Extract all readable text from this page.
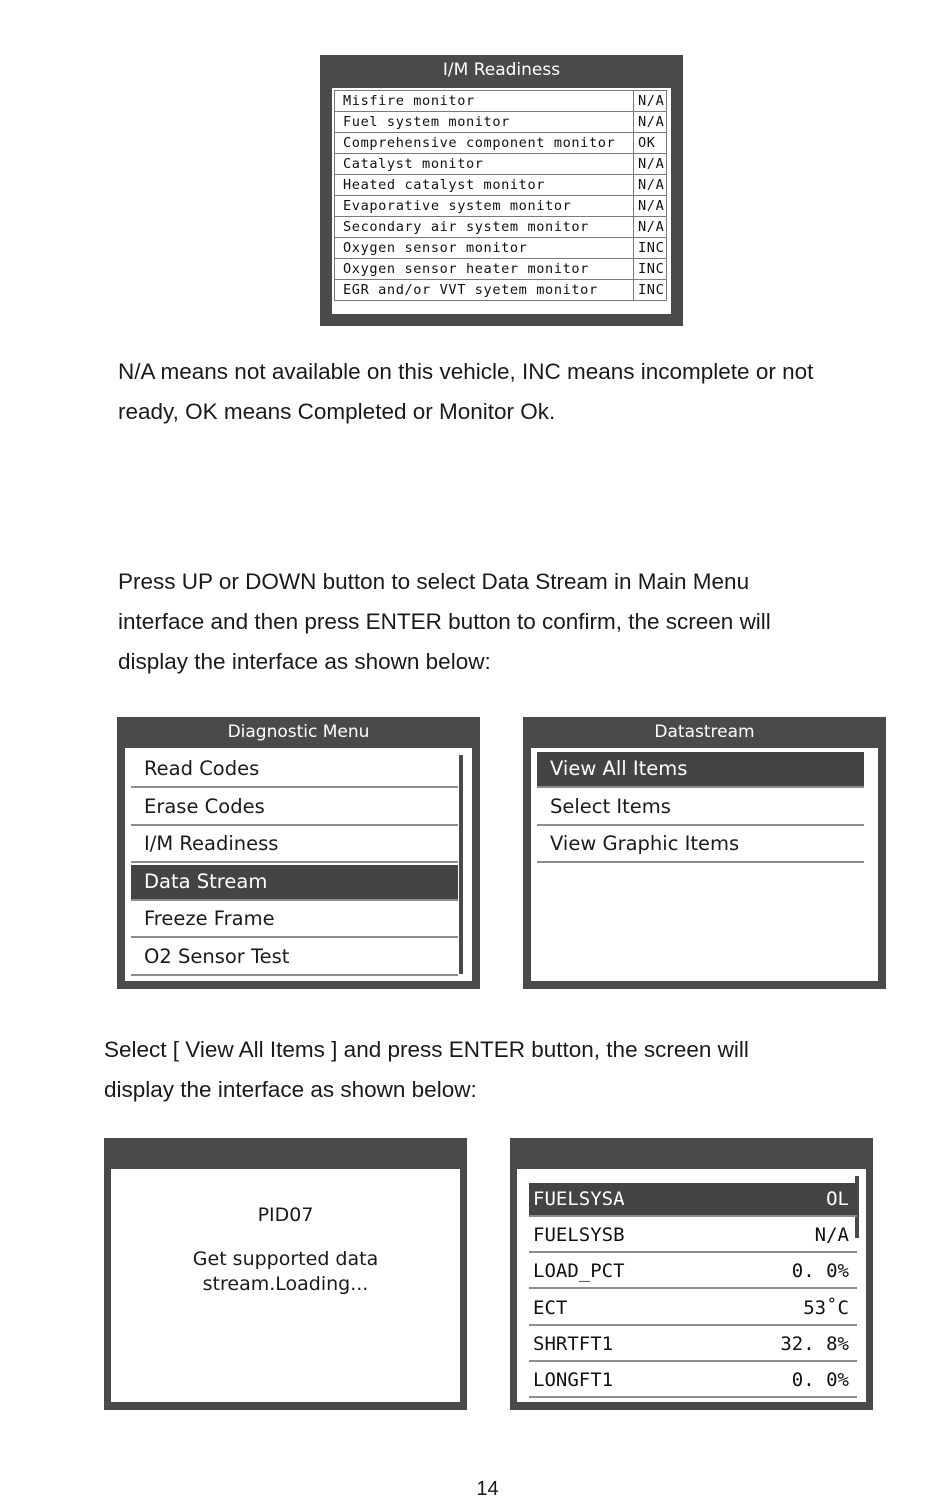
I/M Readiness
Misfire monitor	N/A
Fuel system monitor	N/A
Comprehensive component monitor	OK
Catalyst monitor	N/A
Heated catalyst monitor	N/A
Evaporative system monitor	N/A
Secondary air system monitor	N/A
Oxygen sensor monitor	INC
Oxygen sensor heater monitor	INC
EGR and/or VVT syetem monitor	INC

N/A means not available on this vehicle, INC means incomplete or not
ready, OK means Completed or Monitor Ok.

Press UP or DOWN button to select Data Stream in Main Menu
interface and then press ENTER button to confirm, the screen will
display the interface as shown below:

Diagnostic Menu
Read Codes
Erase Codes
I/M Readiness
Data Stream
Freeze Frame
O2 Sensor Test
Datastream
View All Items
Select Items
View Graphic Items

Select [ View All Items ] and press ENTER button, the screen will
display the interface as shown below:

PID07
Get supported data
stream.Loading...
FUELSYSA	OL
FUELSYSB	N/A
LOAD_PCT	0. 0%
ECT	53˚C
SHRTFT1	32. 8%
LONGFT1	0. 0%
14
